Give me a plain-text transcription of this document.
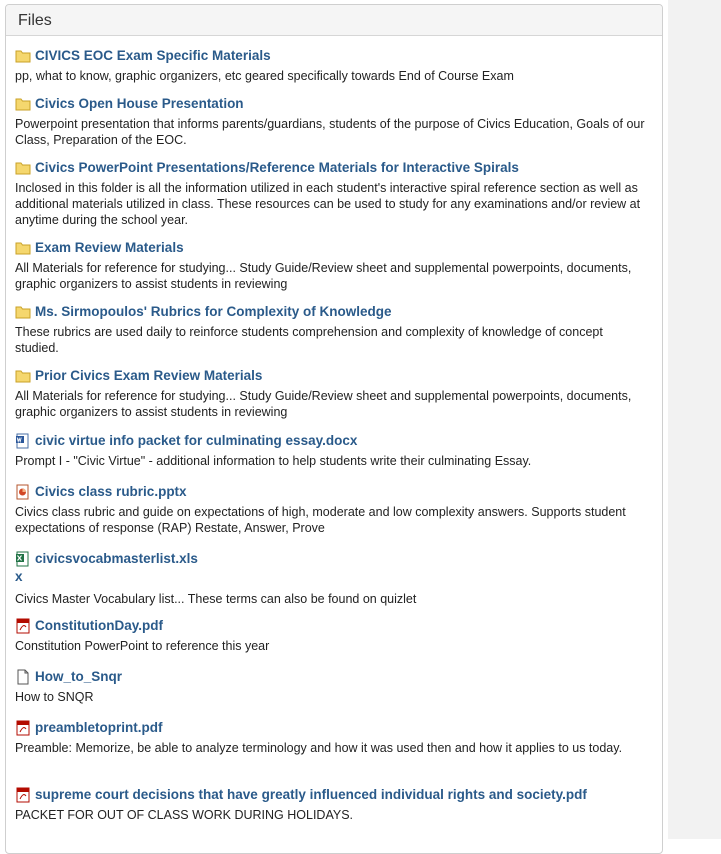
Files
CIVICS EOC Exam Specific Materials
pp, what to know, graphic organizers, etc geared specifically towards End of Course Exam
Civics Open House Presentation
Powerpoint presentation that informs parents/guardians, students of the purpose of Civics Education, Goals of our Class, Preparation of the EOC.
Civics PowerPoint Presentations/Reference Materials for Interactive Spirals
Inclosed in this folder is all the information utilized in each student's interactive spiral reference section as well as additional materials utilized in class. These resources can be used to study for any examinations and/or review at anytime during the school year.
Exam Review Materials
All Materials for reference for studying... Study Guide/Review sheet and supplemental powerpoints, documents, graphic organizers to assist students in reviewing
Ms. Sirmopoulos' Rubrics for Complexity of Knowledge
These rubrics are used daily to reinforce students comprehension and complexity of knowledge of concept studied.
Prior Civics Exam Review Materials
All Materials for reference for studying... Study Guide/Review sheet and supplemental powerpoints, documents, graphic organizers to assist students in reviewing
civic virtue info packet for culminating essay.docx
Prompt I - "Civic Virtue" - additional information to help students write their culminating Essay.
Civics class rubric.pptx
Civics class rubric and guide on expectations of high, moderate and low complexity answers. Supports student expectations of response (RAP) Restate, Answer, Prove
civicsvocabmasterlist.xls
x
Civics Master Vocabulary list... These terms can also be found on quizlet
ConstitutionDay.pdf
Constitution PowerPoint to reference this year
How_to_Snqr
How to SNQR
preambletoprint.pdf
Preamble: Memorize, be able to analyze terminology and how it was used then and how it applies to us today.
supreme court decisions that have greatly influenced individual rights and society.pdf
PACKET FOR OUT OF CLASS WORK DURING HOLIDAYS.
